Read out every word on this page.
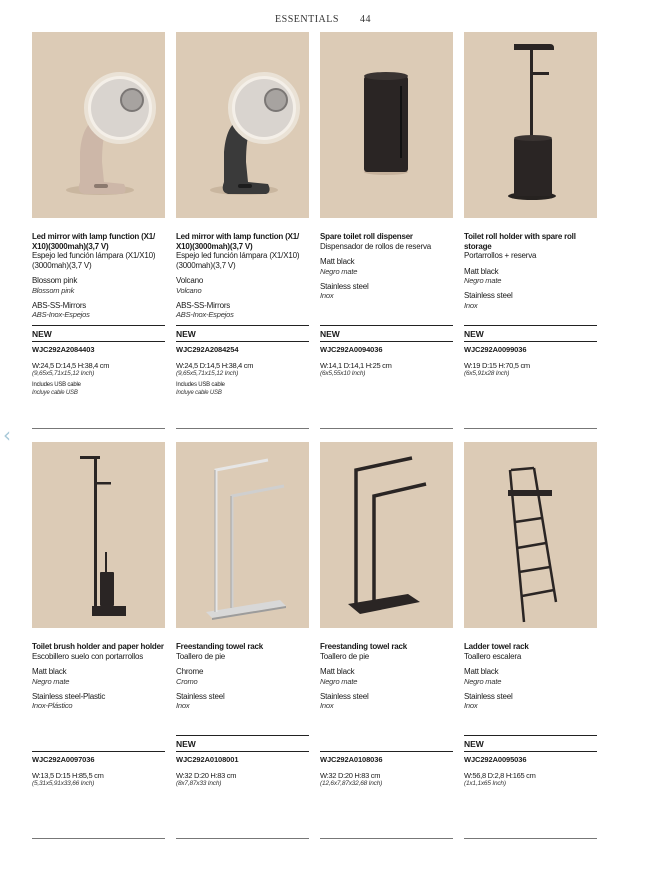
ESSENTIALS 44
‹
Led mirror with lamp function (X1/ X10)(3000mah)(3,7 V)
Espejo led función lámpara (X1/X10) (3000mah)(3,7 V)
Blossom pink
Blossom pink
ABS-SS-Mirrors
ABS-Inox-Espejos
NEW
WJC292A2084403
W:24,5 D:14,5 H:38,4 cm
(9,65x5,71x15,12 Inch)
Includes USB cable
Incluye cable USB
Led mirror with lamp function (X1/ X10)(3000mah)(3,7 V)
Espejo led función lámpara (X1/X10) (3000mah)(3,7 V)
Volcano
Volcano
ABS-SS-Mirrors
ABS-Inox-Espejos
NEW
WJC292A2084254
W:24,5 D:14,5 H:38,4 cm
(9,65x5,71x15,12 Inch)
Includes USB cable
Incluye cable USB
Spare toilet roll dispenser
Dispensador de rollos de reserva
Matt black
Negro mate
Stainless steel
Inox
NEW
WJC292A0094036
W:14,1 D:14,1 H:25 cm
(6x5,55x10 Inch)
Toilet roll holder with spare roll storage
Portarrollos + reserva
Matt black
Negro mate
Stainless steel
Inox
NEW
WJC292A0099036
W:19 D:15 H:70,5 cm
(6x5,91x28 Inch)
Toilet brush holder and paper holder
Escobillero suelo con portarrollos
Matt black
Negro mate
Stainless steel-Plastic
Inox-Plástico
WJC292A0097036
W:13,5 D:15 H:85,5 cm
(5,31x5,91x33,66 Inch)
Freestanding towel rack
Toallero de pie
Chrome
Cromo
Stainless steel
Inox
NEW
WJC292A0108001
W:32 D:20 H:83 cm
(8x7,87x33 Inch)
Freestanding towel rack
Toallero de pie
Matt black
Negro mate
Stainless steel
Inox
WJC292A0108036
W:32 D:20 H:83 cm
(12,6x7,87x32,68 Inch)
Ladder towel rack
Toallero escalera
Matt black
Negro mate
Stainless steel
Inox
NEW
WJC292A0095036
W:56,8 D:2,8 H:165 cm
(1x1,1x65 Inch)
